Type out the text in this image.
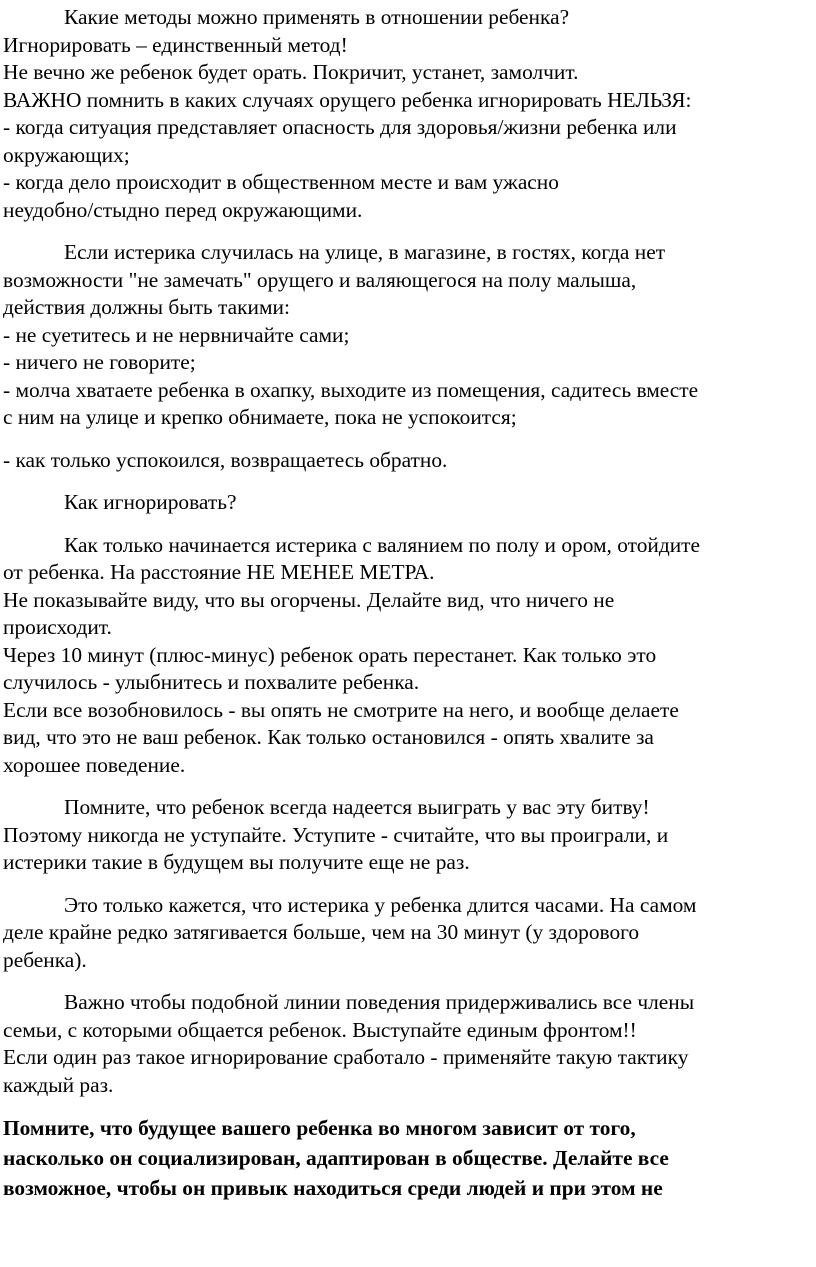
Какие методы можно применять в отношении ребенка?
Игнорировать – единственный метод!
Не вечно же ребенок будет орать. Покричит, устанет, замолчит.
ВАЖНО помнить в каких случаях орущего ребенка игнорировать НЕЛЬЗЯ:
- когда ситуация представляет опасность для здоровья/жизни ребенка или
окружающих;
- когда дело происходит в общественном месте и вам ужасно
неудобно/стыдно перед окружающими.
Если истерика случилась на улице, в магазине, в гостях, когда нет
возможности "не замечать" орущего и валяющегося на полу малыша,
действия должны быть такими:
- не суетитесь и не нервничайте сами;
- ничего не говорите;
- молча хватаете ребенка в охапку, выходите из помещения, садитесь вместе
с ним на улице и крепко обнимаете, пока не успокоится;
- как только успокоился, возвращаетесь обратно.
Как игнорировать?
Как только начинается истерика с валянием по полу и ором, отойдите
от ребенка. На расстояние НЕ МЕНЕЕ МЕТРА.
Не показывайте виду, что вы огорчены. Делайте вид, что ничего не
происходит.
Через 10 минут (плюс-минус) ребенок орать перестанет. Как только это
случилось - улыбнитесь и похвалите ребенка.
Если все возобновилось - вы опять не смотрите на него, и вообще делаете
вид, что это не ваш ребенок. Как только остановился - опять хвалите за
хорошее поведение.
Помните, что ребенок всегда надеется выиграть у вас эту битву!
Поэтому никогда не уступайте. Уступите - считайте, что вы проиграли, и
истерики такие в будущем вы получите еще не раз.
Это только кажется, что истерика у ребенка длится часами. На самом
деле крайне редко затягивается больше, чем на 30 минут (у здорового
ребенка).
Важно чтобы подобной линии поведения придерживались все члены
семьи, с которыми общается ребенок. Выступайте единым фронтом!!
Если один раз такое игнорирование сработало - применяйте такую тактику
каждый раз.
Помните, что будущее вашего ребенка во многом зависит от того,
насколько он социализирован, адаптирован в обществе. Делайте все
возможное, чтобы он привык находиться среди людей и при этом не
